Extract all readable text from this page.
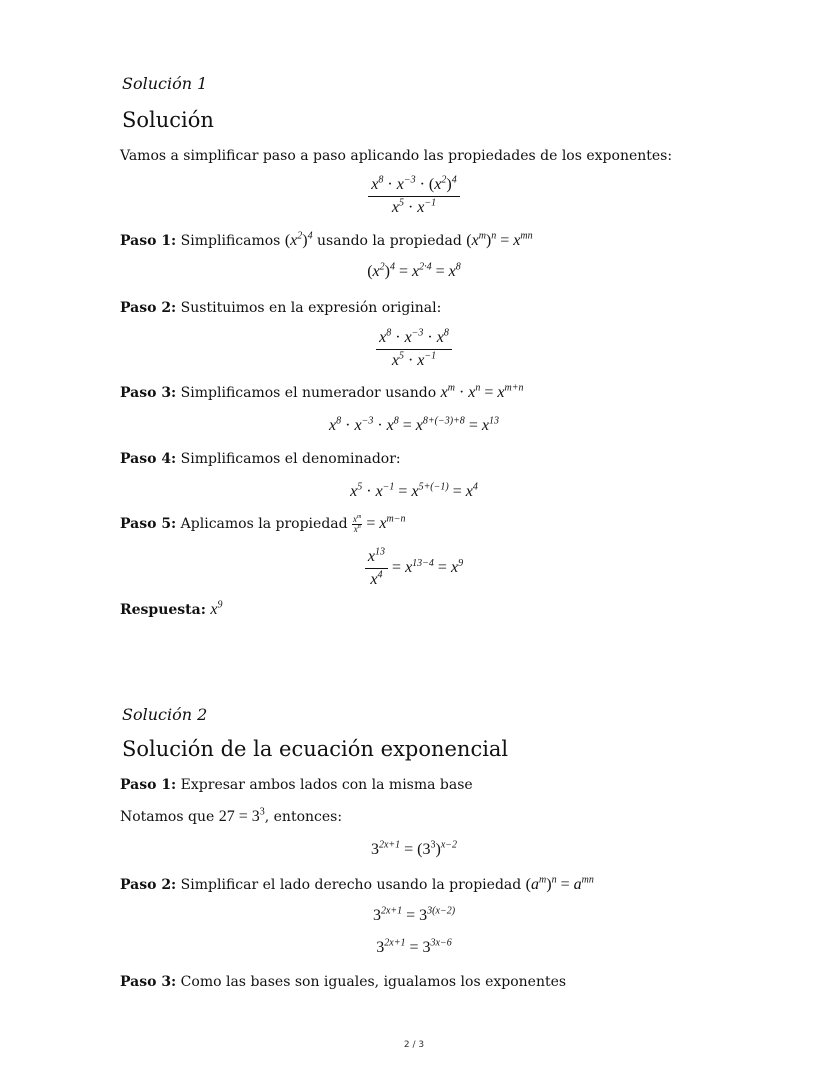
Solución 1
Solución
Vamos a simplificar paso a paso aplicando las propiedades de los exponentes:
$\frac{x^8 \cdot x^{-3} \cdot (x^2)^4}{x^5 \cdot x^{-1}}$
Paso 1: Simplificamos $(x^2)^4$ usando la propiedad $(x^m)^n = x^{mn}$
$(x^2)^4 = x^{2\cdot 4} = x^8$
Paso 2: Sustituimos en la expresión original:
$\frac{x^8 \cdot x^{-3} \cdot x^8}{x^5 \cdot x^{-1}}$
Paso 3: Simplificamos el numerador usando $x^m \cdot x^n = x^{m+n}$
$x^8 \cdot x^{-3} \cdot x^8 = x^{8+(-3)+8} = x^{13}$
Paso 4: Simplificamos el denominador:
$x^5 \cdot x^{-1} = x^{5+(-1)} = x^4$
Paso 5: Aplicamos la propiedad $\frac{x^m}{x^n} = x^{m-n}$
$\frac{x^{13}}{x^4} = x^{13-4} = x^9$
Respuesta: $x^9$
Solución 2
Solución de la ecuación exponencial
Paso 1: Expresar ambos lados con la misma base
Notamos que $27 = 3^3$, entonces:
$3^{2x+1} = (3^3)^{x-2}$
Paso 2: Simplificar el lado derecho usando la propiedad $(a^m)^n = a^{mn}$
$3^{2x+1} = 3^{3(x-2)}$
$3^{2x+1} = 3^{3x-6}$
Paso 3: Como las bases son iguales, igualamos los exponentes
2 / 3
